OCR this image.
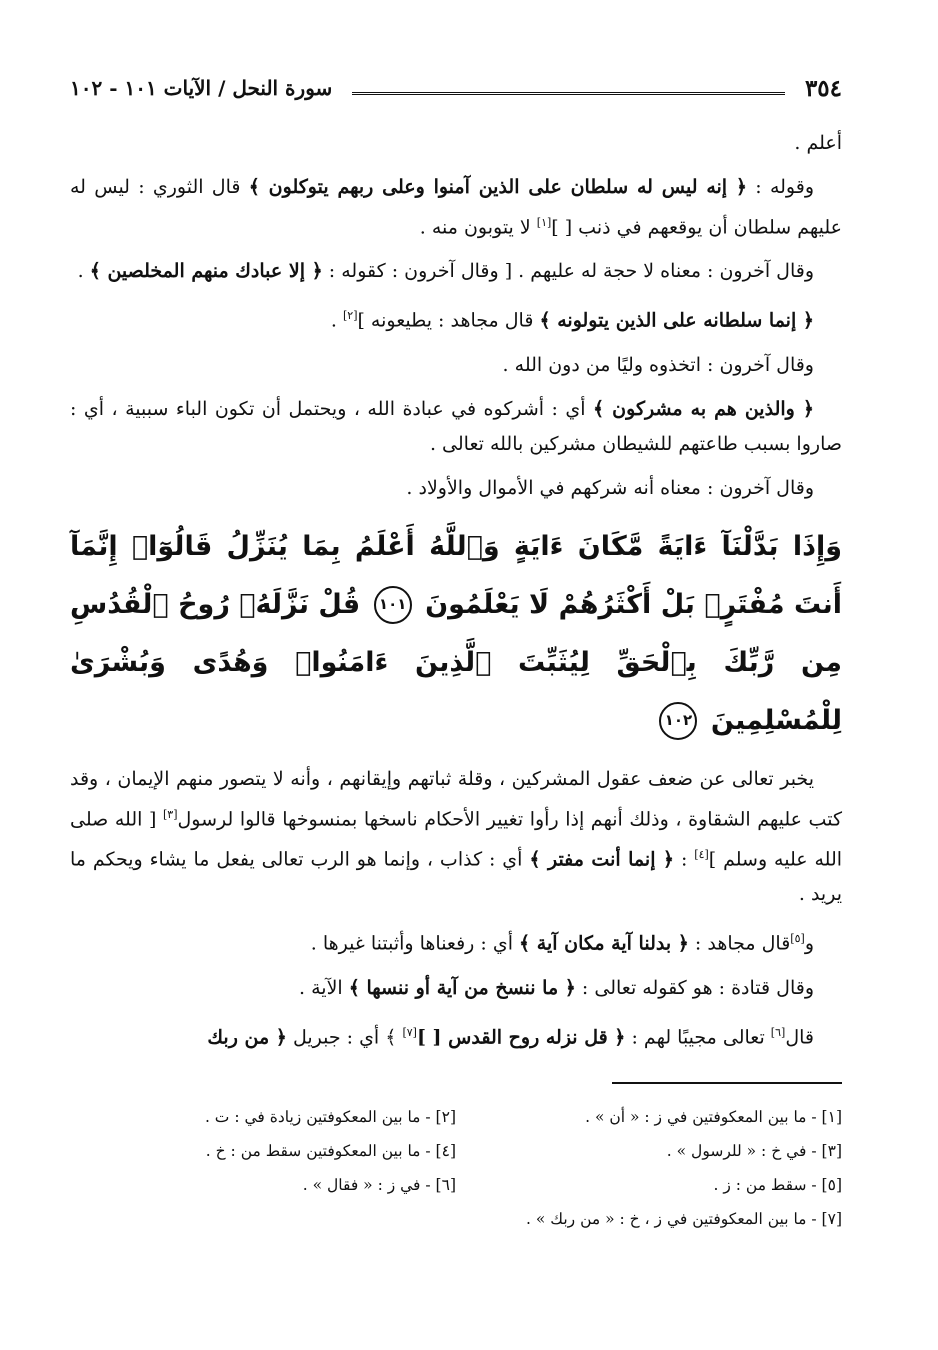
٣٥٤
سورة النحل / الآيات ١٠١ - ١٠٢
أعلم .
وقوله : ﴿ إنه ليس له سلطان على الذين آمنوا وعلى ربهم يتوكلون ﴾ قال الثوري : ليس له عليهم سلطان أن يوقعهم في ذنب [ ][١] لا يتوبون منه .
وقال آخرون : معناه لا حجة له عليهم . [ وقال آخرون : كقوله : ﴿ إلا عبادك منهم المخلصين ﴾ .
﴿ إنما سلطانه على الذين يتولونه ﴾ قال مجاهد : يطيعونه ][٢] .
وقال آخرون : اتخذوه وليًا من دون الله .
﴿ والذين هم به مشركون ﴾ أي : أشركوه في عبادة الله ، ويحتمل أن تكون الباء سببية ، أي : صاروا بسبب طاعتهم للشيطان مشركين بالله تعالى .
وقال آخرون : معناه أنه شركهم في الأموال والأولاد .
وَإِذَا بَدَّلْنَآ ءَايَةً مَّكَانَ ءَايَةٍ وَٱللَّهُ أَعْلَمُ بِمَا يُنَزِّلُ قَالُوٓا۟ إِنَّمَآ أَنتَ مُفْتَرٍۭ بَلْ أَكْثَرُهُمْ لَا يَعْلَمُونَ ١٠١ قُلْ نَزَّلَهُۥ رُوحُ ٱلْقُدُسِ مِن رَّبِّكَ بِٱلْحَقِّ لِيُثَبِّتَ ٱلَّذِينَ ءَامَنُوا۟ وَهُدًى وَبُشْرَىٰ لِلْمُسْلِمِينَ ١٠٢
يخبر تعالى عن ضعف عقول المشركين ، وقلة ثباتهم وإيقانهم ، وأنه لا يتصور منهم الإيمان ، وقد كتب عليهم الشقاوة ، وذلك أنهم إذا رأوا تغيير الأحكام ناسخها بمنسوخها قالوا لرسول[٣] [ الله صلى الله عليه وسلم ][٤] : ﴿ إنما أنت مفتر ﴾ أي : كذاب ، وإنما هو الرب تعالى يفعل ما يشاء ويحكم ما يريد .
و[٥]قال مجاهد : ﴿ بدلنا آية مكان آية ﴾ أي : رفعناها وأثبتنا غيرها .
وقال قتادة : هو كقوله تعالى : ﴿ ما ننسخ من آية أو ننسها ﴾ الآية .
قال[٦] تعالى مجيبًا لهم : ﴿ قل نزله روح القدس [ ][٧] ﴾ أي : جبريل ﴿ من ربك
[١] - ما بين المعكوفتين في ز : « أن » .
[٢] - ما بين المعكوفتين زيادة في : ت .
[٣] - في خ : « للرسول » .
[٤] - ما بين المعكوفتين سقط من : خ .
[٥] - سقط من : ز .
[٦] - في ز : « فقال » .
[٧] - ما بين المعكوفتين في ز ، خ : « من ربك » .
